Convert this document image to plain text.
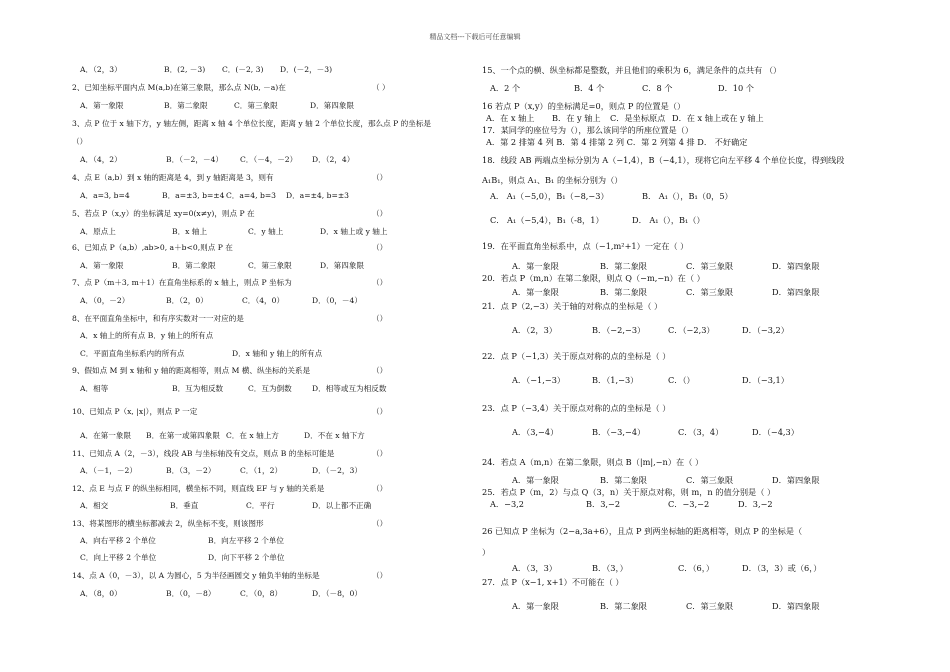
精品文档---下载后可任意编辑
A．（2，3）	B．(2, －3) C．(－2, 3) D．(－2，－3)
2、已知坐标平面内点 M(a,b)在第三象限，那么点 N(b, －a)在	（ ）
A．第一象限	B．第二象限	C．第三象限	D．第四象限
3、点 P 位于 x 轴下方，y 轴左侧，距离 x 轴 4 个单位长度，距离 y 轴 2 个单位长度，那么点 P 的坐标是
（）
A．（4，2）	B．（－2，－4） C．（－4，－2） D．（2，4）
4、点 E（a,b）到 x 轴的距离是 4，到 y 轴距离是 3，则有	（）
A．a=3, b=4	B．a=±3, b=±4 C．a=4, b=3 D．a=±4, b=±3
5、若点 P（x,y）的坐标满足 xy=0(x≠y)，则点 P 在	（）
A．原点上	B．x 轴上	C．y 轴上	D．x 轴上或 y 轴上
6、已知点 P（a,b）,ab>0, a＋b<0,则点 P 在	（）
A．第一象限	B．第二象限	C．第三象限	D．第四象限
7、点 P（m＋3, m＋1）在直角坐标系的 x 轴上，则点 P 坐标为	（）
A．（0，－2）	B．（2，0）	C．（4，0）	D．（0，－4）
8、在平面直角坐标中，和有序实数对一一对应的是	（）
A．x 轴上的所有点 B．y 轴上的所有点
C．平面直角坐标系内的所有点	D．x 轴和 y 轴上的所有点
9、假如点 M 到 x 轴和 y 轴的距离相等，则点 M 横、纵坐标的关系是	（）
A．相等	B．互为相反数	C．互为倒数	D．相等或互为相反数
10、已知点 P（x, |x|），则点 P 一定	（）
A．在第一象限 B．在第一或第四象限 C．在 x 轴上方	D．不在 x 轴下方
11、已知点 A（2，－3），线段 AB 与坐标轴没有交点，则点 B 的坐标可能是	（）
A．（－1，－2）	B．（3，－2）	C．（1，2）	D．（－2，3）
12、点 E 与点 F 的纵坐标相同，横坐标不同，则直线 EF 与 y 轴的关系是	（）
A．相交	B．垂直	C．平行	D．以上都不正确
13、将某图形的横坐标都减去 2，纵坐标不变，则该图形	（）
A．向右平移 2 个单位	B．向左平移 2 个单位
C．向上平移 2 个单位	D．向下平移 2 个单位
14、点 A（0，－3），以 A 为圆心，5 为半径画圆交 y 轴负半轴的坐标是	（）
A．（8，0）	B．（0，－8）	C．（0，8）	D．（－8，0）
15、一个点的横、纵坐标都是整数，并且他们的乘积为 6，满足条件的点共有 （）
A．2 个	B．4 个	C．8 个	D．10 个
16 若点 P（x,y）的坐标满足=0，则点 P 的位置是（）
A．在 x 轴上 B．在 y 轴上 C．是坐标原点 D．在 x 轴上或在 y 轴上
17．某同学的座位号为（），那么该同学的所座位置是（）
A．第 2 排第 4 列 B．第 4 排第 2 列 C．第 2 列第 4 排 D． 不好确定
18．线段 AB 两端点坐标分别为 A（−1,4），B（−4,1），现将它向左平移 4 个单位长度，得到线段
A₁B₁，则点 A₁、B₁ 的坐标分别为（）
A． A₁（−5,0），B₁（−8,−3）	B． A₁（），B₁（0，5）
C． A₁（−5,4），B₁（-8，1）	D． A₁（），B₁（）
19．在平面直角坐标系中，点（−1,m²+1）一定在（ ）
A．第一象限	B．第二象限	C．第三象限	D．第四象限
20．若点 P（m,n）在第二象限，则点 Q（−m,−n）在（ ）
A．第一象限	B．第二象限	C．第三象限	D．第四象限
21．点 P（2,−3）关于轴的对称点的坐标是（ ）
A．（2，3）	B．（−2,−3）	C．（−2,3）	D．（−3,2）
22．点 P（−1,3）关于原点对称的点的坐标是（ ）
A．（−1,−3）	B．（1,−3）	C．（）	D．（−3,1）
23．点 P（−3,4）关于原点对称的点的坐标是（ ）
A．（3,−4）	B．（−3,−4）	C．（3，4）	D．（−4,3）
24．若点 A（m,n）在第二象限，则点 B（|m|,−n）在（ ）
A．第一象限	B．第二象限	C．第三象限	D．第四象限
25．若点 P（m，2）与点 Q（3，n）关于原点对称，则 m，n 的值分别是（ ）
A．−3,2	B．3,−2	C．−3,−2	D．3,−2
26 已知点 P 坐标为（2−a,3a+6），且点 P 到两坐标轴的距离相等，则点 P 的坐标是（
）
A．（3，3）	B．（3，）	C．（6，）	D．（3，3）或（6，）
27．点 P（x−1, x+1）不可能在（ ）
A．第一象限	B．第二象限	C．第三象限	D．第四象限
